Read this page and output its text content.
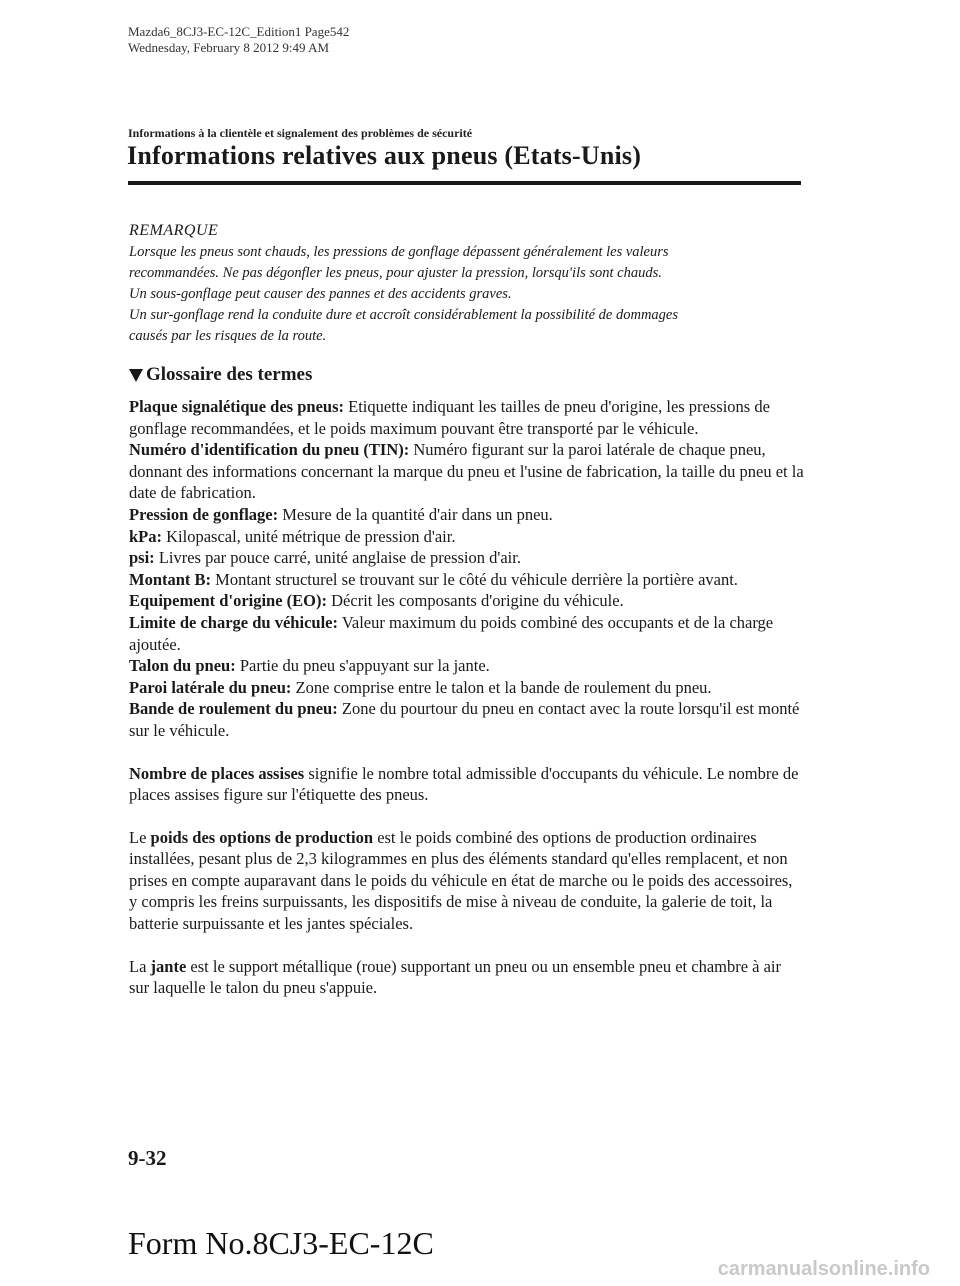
Mazda6_8CJ3-EC-12C_Edition1 Page542
Wednesday, February 8 2012 9:49 AM
Informations à la clientèle et signalement des problèmes de sécurité
Informations relatives aux pneus (Etats-Unis)
REMARQUE
Lorsque les pneus sont chauds, les pressions de gonflage dépassent généralement les valeurs
recommandées. Ne pas dégonfler les pneus, pour ajuster la pression, lorsqu'ils sont chauds.
Un sous-gonflage peut causer des pannes et des accidents graves.
Un sur-gonflage rend la conduite dure et accroît considérablement la possibilité de dommages
causés par les risques de la route.
Glossaire des termes

Plaque signalétique des pneus: Etiquette indiquant les tailles de pneu d'origine, les pressions de gonflage recommandées, et le poids maximum pouvant être transporté par le véhicule.

Numéro d'identification du pneu (TIN): Numéro figurant sur la paroi latérale de chaque pneu, donnant des informations concernant la marque du pneu et l'usine de fabrication, la taille du pneu et la date de fabrication.

Pression de gonflage: Mesure de la quantité d'air dans un pneu.

kPa: Kilopascal, unité métrique de pression d'air.

psi: Livres par pouce carré, unité anglaise de pression d'air.

Montant B: Montant structurel se trouvant sur le côté du véhicule derrière la portière avant.

Equipement d'origine (EO): Décrit les composants d'origine du véhicule.

Limite de charge du véhicule: Valeur maximum du poids combiné des occupants et de la charge ajoutée.

Talon du pneu: Partie du pneu s'appuyant sur la jante.

Paroi latérale du pneu: Zone comprise entre le talon et la bande de roulement du pneu.

Bande de roulement du pneu: Zone du pourtour du pneu en contact avec la route lorsqu'il est monté sur le véhicule.

Nombre de places assises signifie le nombre total admissible d'occupants du véhicule. Le nombre de places assises figure sur l'étiquette des pneus.

Le poids des options de production est le poids combiné des options de production ordinaires installées, pesant plus de 2,3 kilogrammes en plus des éléments standard qu'elles remplacent, et non prises en compte auparavant dans le poids du véhicule en état de marche ou le poids des accessoires, y compris les freins surpuissants, les dispositifs de mise à niveau de conduite, la galerie de toit, la batterie surpuissante et les jantes spéciales.

La jante est le support métallique (roue) supportant un pneu ou un ensemble pneu et chambre à air sur laquelle le talon du pneu s'appuie.

9-32
Form No.8CJ3-EC-12C
carmanualsonline.info
